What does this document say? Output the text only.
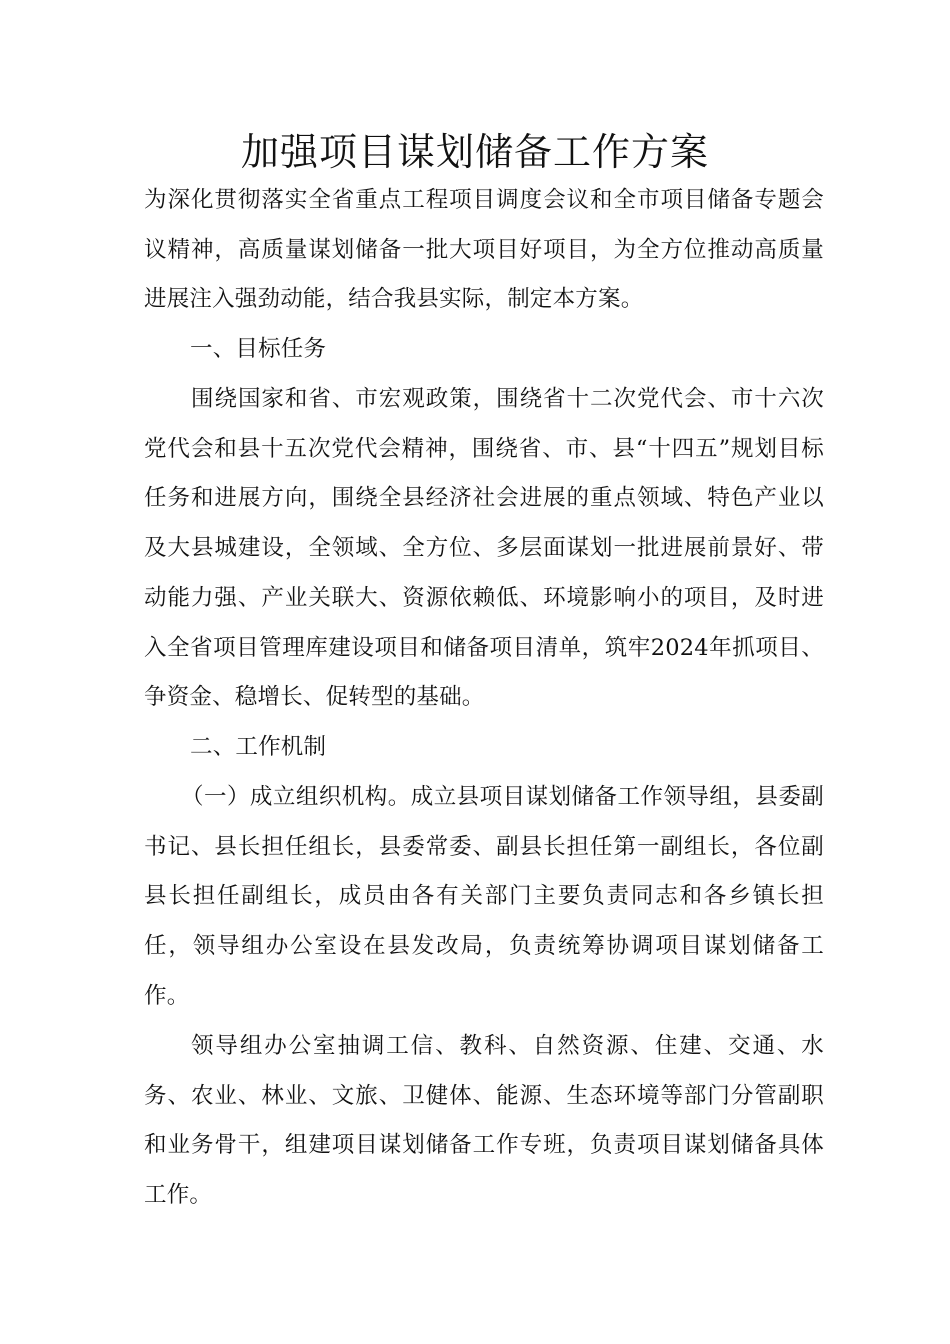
加强项目谋划储备工作方案
为深化贯彻落实全省重点工程项目调度会议和全市项目储备专题会议精神，高质量谋划储备一批大项目好项目，为全方位推动高质量进展注入强劲动能，结合我县实际，制定本方案。
一、目标任务
围绕国家和省、市宏观政策，围绕省十二次党代会、市十六次党代会和县十五次党代会精神，围绕省、市、县“十四五”规划目标任务和进展方向，围绕全县经济社会进展的重点领域、特色产业以及大县城建设，全领域、全方位、多层面谋划一批进展前景好、带动能力强、产业关联大、资源依赖低、环境影响小的项目，及时进入全省项目管理库建设项目和储备项目清单，筑牢2024年抓项目、争资金、稳增长、促转型的基础。
二、工作机制
（一）成立组织机构。成立县项目谋划储备工作领导组，县委副书记、县长担任组长，县委常委、副县长担任第一副组长，各位副县长担任副组长，成员由各有关部门主要负责同志和各乡镇长担任，领导组办公室设在县发改局，负责统筹协调项目谋划储备工作。
领导组办公室抽调工信、教科、自然资源、住建、交通、水务、农业、林业、文旅、卫健体、能源、生态环境等部门分管副职和业务骨干，组建项目谋划储备工作专班，负责项目谋划储备具体工作。
